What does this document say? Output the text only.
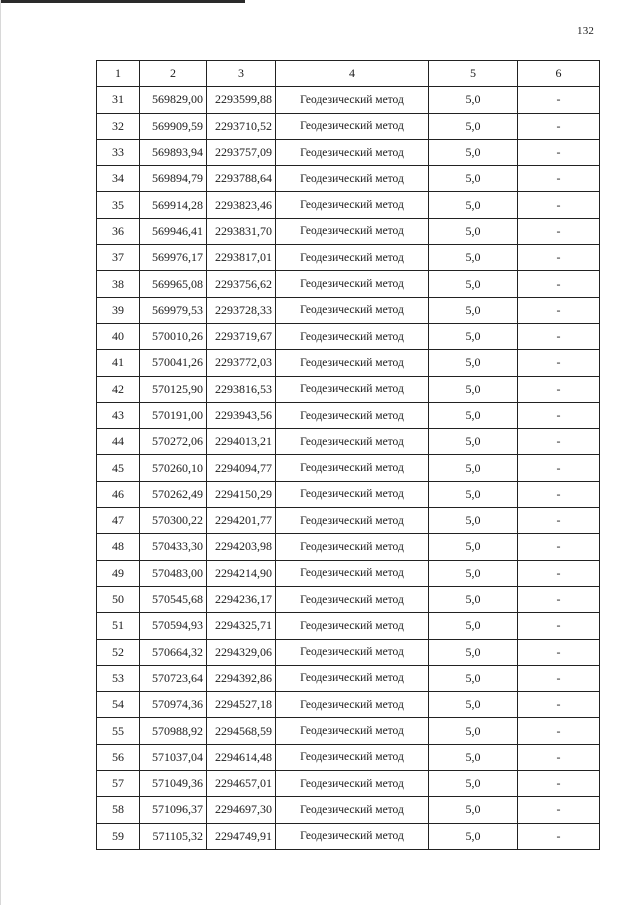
132
1	2	3	4	5	6
31	569829,00	2293599,88	Геодезический метод	5,0	-
32	569909,59	2293710,52	Геодезический метод	5,0	-
33	569893,94	2293757,09	Геодезический метод	5,0	-
34	569894,79	2293788,64	Геодезический метод	5,0	-
35	569914,28	2293823,46	Геодезический метод	5,0	-
36	569946,41	2293831,70	Геодезический метод	5,0	-
37	569976,17	2293817,01	Геодезический метод	5,0	-
38	569965,08	2293756,62	Геодезический метод	5,0	-
39	569979,53	2293728,33	Геодезический метод	5,0	-
40	570010,26	2293719,67	Геодезический метод	5,0	-
41	570041,26	2293772,03	Геодезический метод	5,0	-
42	570125,90	2293816,53	Геодезический метод	5,0	-
43	570191,00	2293943,56	Геодезический метод	5,0	-
44	570272,06	2294013,21	Геодезический метод	5,0	-
45	570260,10	2294094,77	Геодезический метод	5,0	-
46	570262,49	2294150,29	Геодезический метод	5,0	-
47	570300,22	2294201,77	Геодезический метод	5,0	-
48	570433,30	2294203,98	Геодезический метод	5,0	-
49	570483,00	2294214,90	Геодезический метод	5,0	-
50	570545,68	2294236,17	Геодезический метод	5,0	-
51	570594,93	2294325,71	Геодезический метод	5,0	-
52	570664,32	2294329,06	Геодезический метод	5,0	-
53	570723,64	2294392,86	Геодезический метод	5,0	-
54	570974,36	2294527,18	Геодезический метод	5,0	-
55	570988,92	2294568,59	Геодезический метод	5,0	-
56	571037,04	2294614,48	Геодезический метод	5,0	-
57	571049,36	2294657,01	Геодезический метод	5,0	-
58	571096,37	2294697,30	Геодезический метод	5,0	-
59	571105,32	2294749,91	Геодезический метод	5,0	-
